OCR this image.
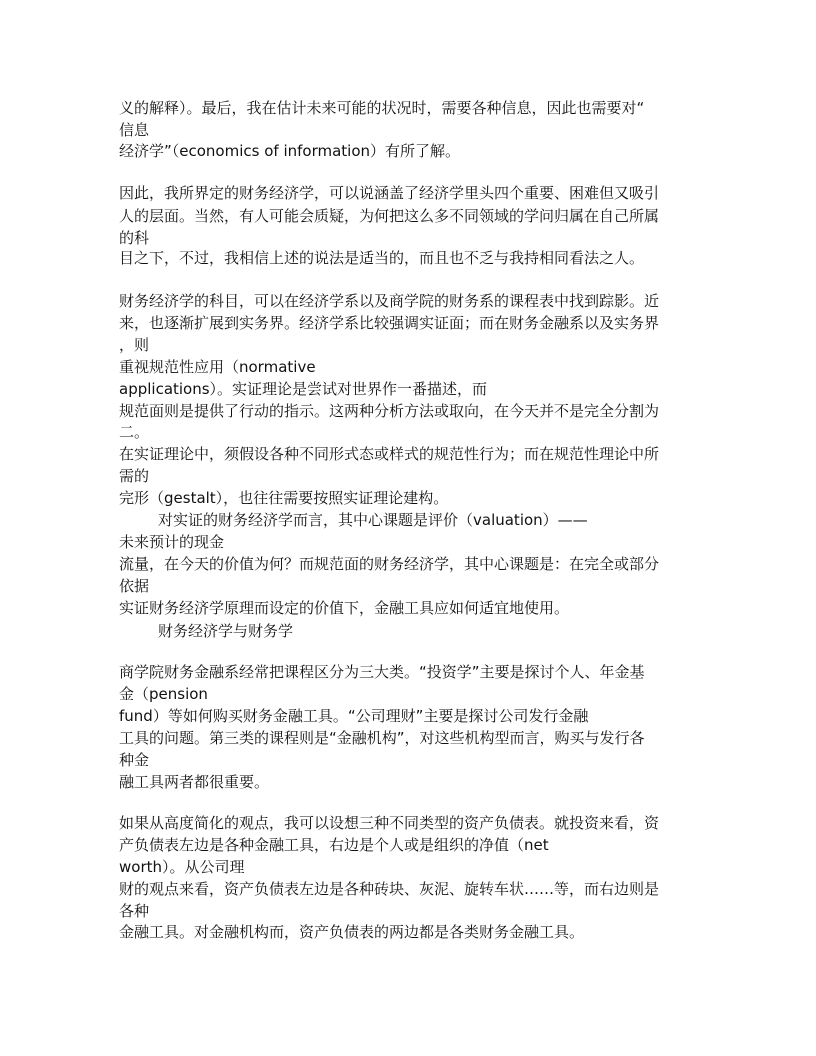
义的解释）。最后，我在估计未来可能的状况时，需要各种信息，因此也需要对“
信息
经济学”（economics of information）有所了解。
因此，我所界定的财务经济学，可以说涵盖了经济学里头四个重要、困难但又吸引
人的层面。当然，有人可能会质疑，为何把这么多不同领域的学问归属在自己所属
的科
目之下，不过，我相信上述的说法是适当的，而且也不乏与我持相同看法之人。
财务经济学的科目，可以在经济学系以及商学院的财务系的课程表中找到踪影。近
来，也逐渐扩展到实务界。经济学系比较强调实证面；而在财务金融系以及实务界
，则
重视规范性应用（normative
applications）。实证理论是尝试对世界作一番描述，而
规范面则是提供了行动的指示。这两种分析方法或取向，在今天并不是完全分割为
二。
在实证理论中，须假设各种不同形式态或样式的规范性行为；而在规范性理论中所
需的
完形（gestalt），也往往需要按照实证理论建构。
对实证的财务经济学而言，其中心课题是评价（valuation）——
未来预计的现金
流量，在今天的价值为何？而规范面的财务经济学，其中心课题是：在完全或部分
依据
实证财务经济学原理而设定的价值下，金融工具应如何适宜地使用。
财务经济学与财务学
商学院财务金融系经常把课程区分为三大类。“投资学”主要是探讨个人、年金基
金（pension
fund）等如何购买财务金融工具。“公司理财”主要是探讨公司发行金融
工具的问题。第三类的课程则是“金融机构”，对这些机构型而言，购买与发行各
种金
融工具两者都很重要。
如果从高度简化的观点，我可以设想三种不同类型的资产负债表。就投资来看，资
产负债表左边是各种金融工具，右边是个人或是组织的净值（net
worth）。从公司理
财的观点来看，资产负债表左边是各种砖块、灰泥、旋转车状……等，而右边则是
各种
金融工具。对金融机构而，资产负债表的两边都是各类财务金融工具。
